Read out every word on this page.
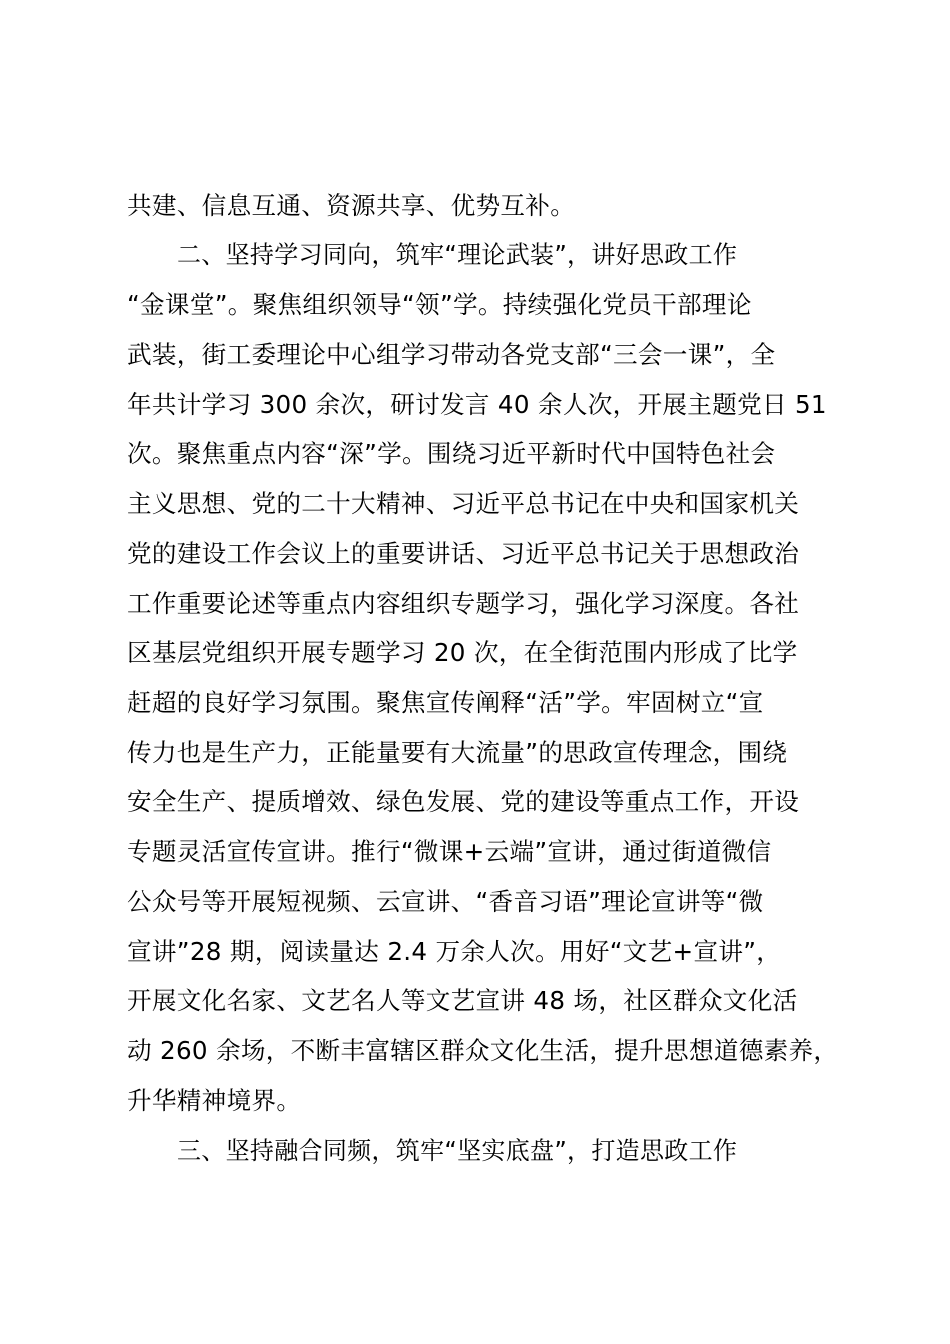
共建、信息互通、资源共享、优势互补。
二、坚持学习同向，筑牢“理论武装”，讲好思政工作
“金课堂”。聚焦组织领导“领”学。持续强化党员干部理论
武装，街工委理论中心组学习带动各党支部“三会一课”，全
年共计学习 300 余次，研讨发言 40 余人次，开展主题党日 51
次。聚焦重点内容“深”学。围绕习近平新时代中国特色社会
主义思想、党的二十大精神、习近平总书记在中央和国家机关
党的建设工作会议上的重要讲话、习近平总书记关于思想政治
工作重要论述等重点内容组织专题学习，强化学习深度。各社
区基层党组织开展专题学习 20 次，在全街范围内形成了比学
赶超的良好学习氛围。聚焦宣传阐释“活”学。牢固树立“宣
传力也是生产力，正能量要有大流量”的思政宣传理念，围绕
安全生产、提质增效、绿色发展、党的建设等重点工作，开设
专题灵活宣传宣讲。推行“微课+云端”宣讲，通过街道微信
公众号等开展短视频、云宣讲、“香音习语”理论宣讲等“微
宣讲”28 期，阅读量达 2.4 万余人次。用好“文艺+宣讲”，
开展文化名家、文艺名人等文艺宣讲 48 场，社区群众文化活
动 260 余场，不断丰富辖区群众文化生活，提升思想道德素养，
升华精神境界。
三、坚持融合同频，筑牢“坚实底盘”，打造思政工作
